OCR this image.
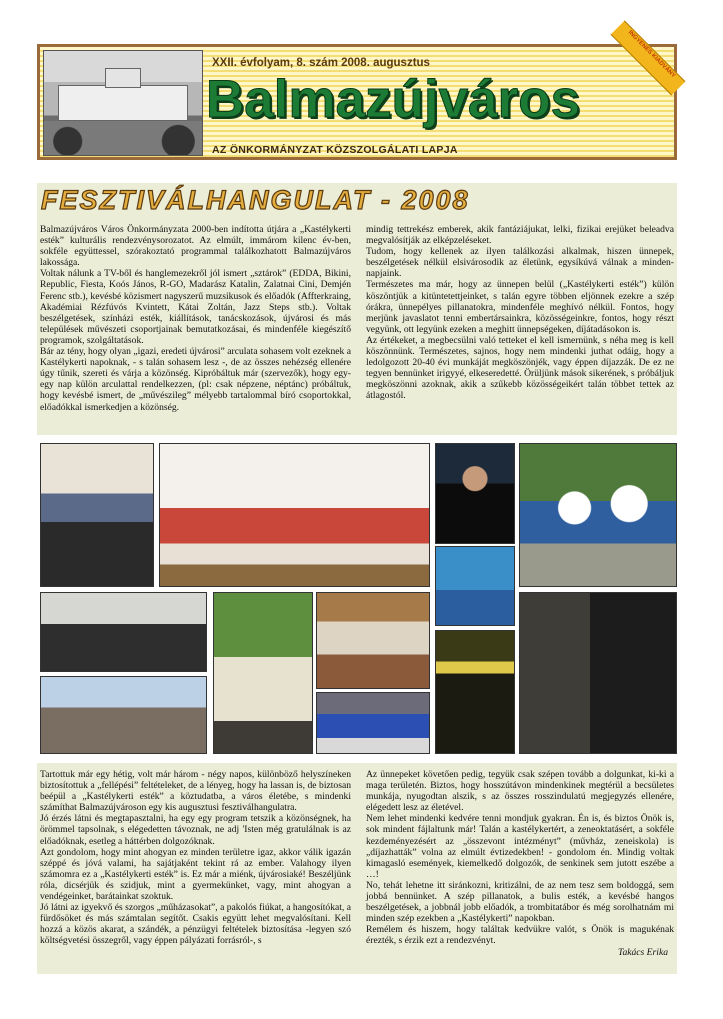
XXII. évfolyam, 8. szám 2008. augusztus
Balmazújváros
AZ ÖNKORMÁNYZAT KÖZSZOLGÁLATI LAPJA
INGYENES KIADVÁNY
FESZTIVÁLHANGULAT - 2008

Balmazújváros Város Önkormányzata 2000-ben indította útjára a „Kastélykerti esték” kulturális rendezvénysorozatot. Az elmúlt, immárom kilenc év-ben, sokféle együttessel, szórakoztató programmal találkozhatott Balmazújváros lakossága.

Voltak nálunk a TV-ből és hanglemezekről jól ismert „sztárok” (EDDA, Bikini, Republic, Fiesta, Koós János, R-GO, Madarász Katalin, Zalatnai Cini, Demjén Ferenc stb.), kevésbé közismert nagyszerű muzsikusok és előadók (Affterkraing, Akadémiai Rézfúvós Kvintett, Kátai Zoltán, Jazz Steps stb.). Voltak beszélgetések, színházi esték, kiállítások, tanácskozások, újvárosi és más települések művészeti csoportjainak bemutatkozásai, és mindenféle kiegészítő programok, szolgáltatások.

Bár az tény, hogy olyan „igazi, eredeti újvárosi” arculata sohasem volt ezeknek a Kastélykerti napoknak, - s talán sohasem lesz -, de az összes nehézség ellenére úgy tűnik, szereti és várja a közönség. Kipróbáltuk már (szervezők), hogy egy-egy nap külön arculattal rendelkezzen, (pl: csak népzene, néptánc) próbáltuk, hogy kevésbé ismert, de „művészileg” mélyebb tartalommal bíró csoportokkal, előadókkal ismerkedjen a közönség.

mindig tettrekész emberek, akik fantáziájukat, lelki, fizikai erejüket beleadva megvalósítják az elképzeléseket.

Tudom, hogy kellenek az ilyen találkozási alkalmak, hiszen ünnepek, beszélgetések nélkül elsivárosodik az életünk, egysíkúvá válnak a minden-napjaink.

Természetes ma már, hogy az ünnepen belül („Kastélykerti esték”) külön köszöntjük a kitüntetettjeinket, s talán egyre többen eljönnek ezekre a szép órákra, ünnepélyes pillanatokra, mindenféle meghívó nélkül. Fontos, hogy merjünk javaslatot tenni embertársainkra, közösségeinkre, fontos, hogy részt vegyünk, ott legyünk ezeken a meghitt ünnepségeken, díjátadásokon is.

Az értékeket, a megbecsülni való tetteket el kell ismernünk, s néha meg is kell köszönnünk. Természetes, sajnos, hogy nem mindenki juthat odáig, hogy a ledolgozott 20-40 évi munkáját megköszönjék, vagy éppen díjazzák. De ez ne tegyen bennünket irigyyé, elkeseredetté. Örüljünk mások sikerének, s próbáljuk megköszönni azoknak, akik a szűkebb közösségeikért talán többet tettek az átlagostól.

Tartottuk már egy hétig, volt már három - négy napos, különböző helyszíneken biztosítottuk a „fellépési” feltételeket, de a lényeg, hogy ha lassan is, de biztosan beépül a „Kastélykerti esték” a köztudatba, a város életébe, s mindenki számíthat Balmazújvároson egy kis augusztusi fesztiválhangulatra.

Jó érzés látni és megtapasztalni, ha egy egy program tetszik a közönségnek, ha örömmel tapsolnak, s elégedetten távoznak, ne adj 'Isten még gratulálnak is az előadóknak, esetleg a háttérben dolgozóknak.

Azt gondolom, hogy mint ahogyan ez minden területre igaz, akkor válik igazán széppé és jóvá valami, ha sajátjaként tekint rá az ember. Valahogy ilyen számomra ez a „Kastélykerti esték” is. Ez már a miénk, újvárosiaké! Beszéljünk róla, dicsérjük és szidjuk, mint a gyermekünket, vagy, mint ahogyan a vendégeinket, barátainkat szoktuk.

Jó látni az igyekvő és szorgos „műházasokat”, a pakolós fiúkat, a hangosítókat, a fürdősöket és más számtalan segítőt. Csakis együtt lehet megvalósítani. Kell hozzá a közös akarat, a szándék, a pénzügyi feltételek biztosítása -legyen szó költségvetési összegről, vagy éppen pályázati forrásról-, s

Az ünnepeket követően pedig, tegyük csak szépen tovább a dolgunkat, ki-ki a maga területén. Biztos, hogy hosszútávon mindenkinek megtérül a becsületes munkája, nyugodtan alszik, s az összes rosszindulatú megjegyzés ellenére, elégedett lesz az életével.

Nem lehet mindenki kedvére tenni mondjuk gyakran. Én is, és biztos Önök is, sok mindent fájlaltunk már! Talán a kastélykertért, a zeneoktatásért, a sokféle kezdeményezésért az „összevont intézményt” (művház, zeneiskola) is „díjazhatták” volna az elmúlt évtizedekben! - gondolom én. Mindig voltak kimagasló események, kiemelkedő dolgozók, de senkinek sem jutott eszébe a …!

No, tehát lehetne itt siránkozni, kritizálni, de az nem tesz sem boldoggá, sem jobbá bennünket. A szép pillanatok, a bulis esték, a kevésbé hangos beszélgetések, a jobbnál jobb előadók, a trombitatábor és még sorolhatnám mi minden szép ezekben a „Kastélykerti” napokban.

Remélem és hiszem, hogy találtak kedvükre valót, s Önök is magukénak érezték, s érzik ezt a rendezvényt.

Takács Erika
